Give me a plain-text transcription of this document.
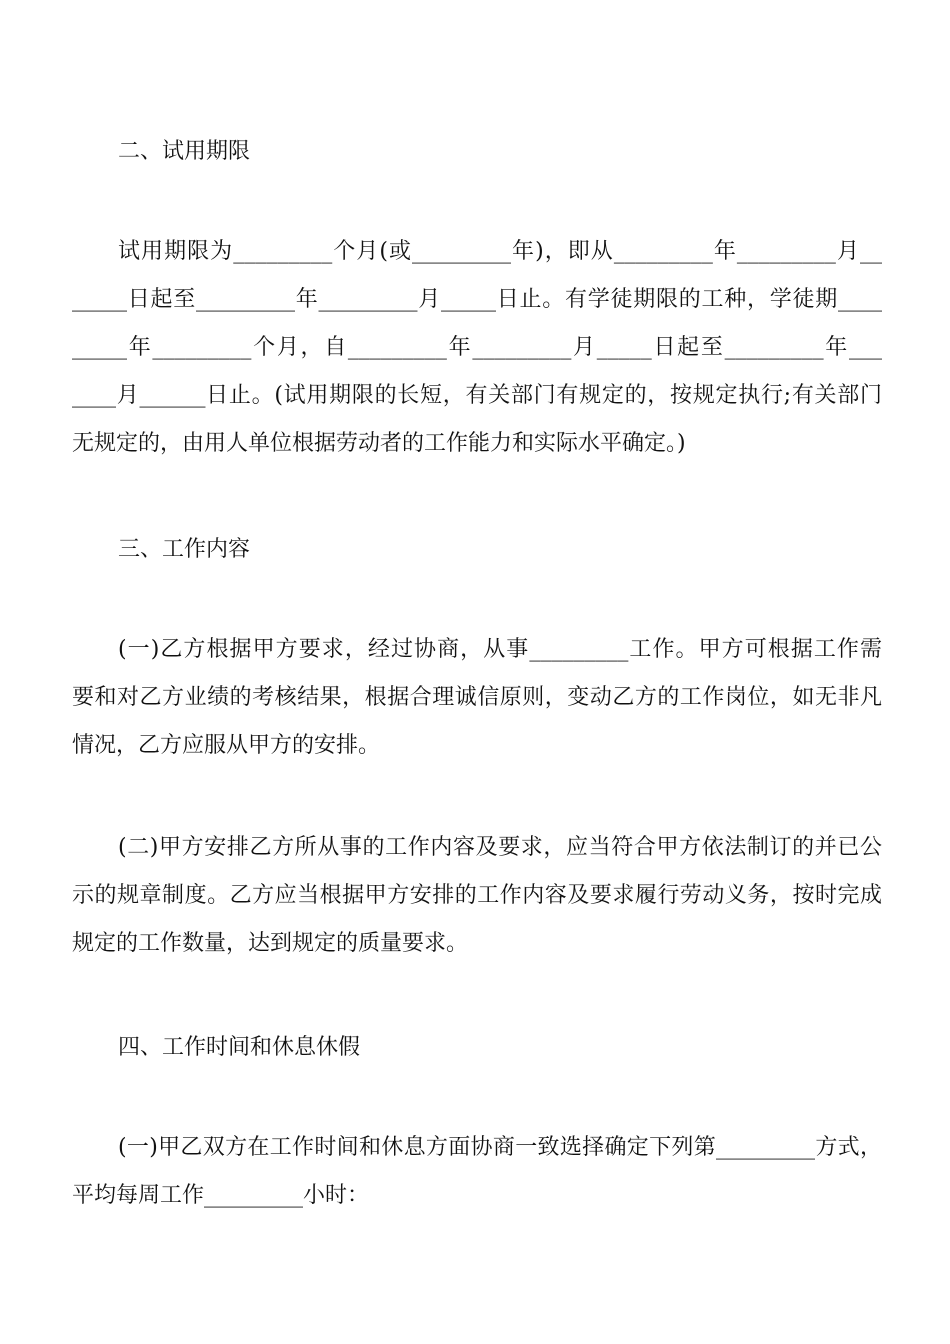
二、试用期限
试用期限为_________个月(或_________年)，即从_________年_________月__
_____日起至_________年_________月_____日止。有学徒期限的工种，学徒期____
_____年_________个月，自_________年_________月_____日起至_________年___
____月______日止。(试用期限的长短，有关部门有规定的，按规定执行;有关部门
无规定的，由用人单位根据劳动者的工作能力和实际水平确定。)
三、工作内容
(一)乙方根据甲方要求，经过协商，从事_________工作。甲方可根据工作需
要和对乙方业绩的考核结果，根据合理诚信原则，变动乙方的工作岗位，如无非凡
情况，乙方应服从甲方的安排。
(二)甲方安排乙方所从事的工作内容及要求，应当符合甲方依法制订的并已公
示的规章制度。乙方应当根据甲方安排的工作内容及要求履行劳动义务，按时完成
规定的工作数量，达到规定的质量要求。
四、工作时间和休息休假
(一)甲乙双方在工作时间和休息方面协商一致选择确定下列第_________方式，
平均每周工作_________小时：
